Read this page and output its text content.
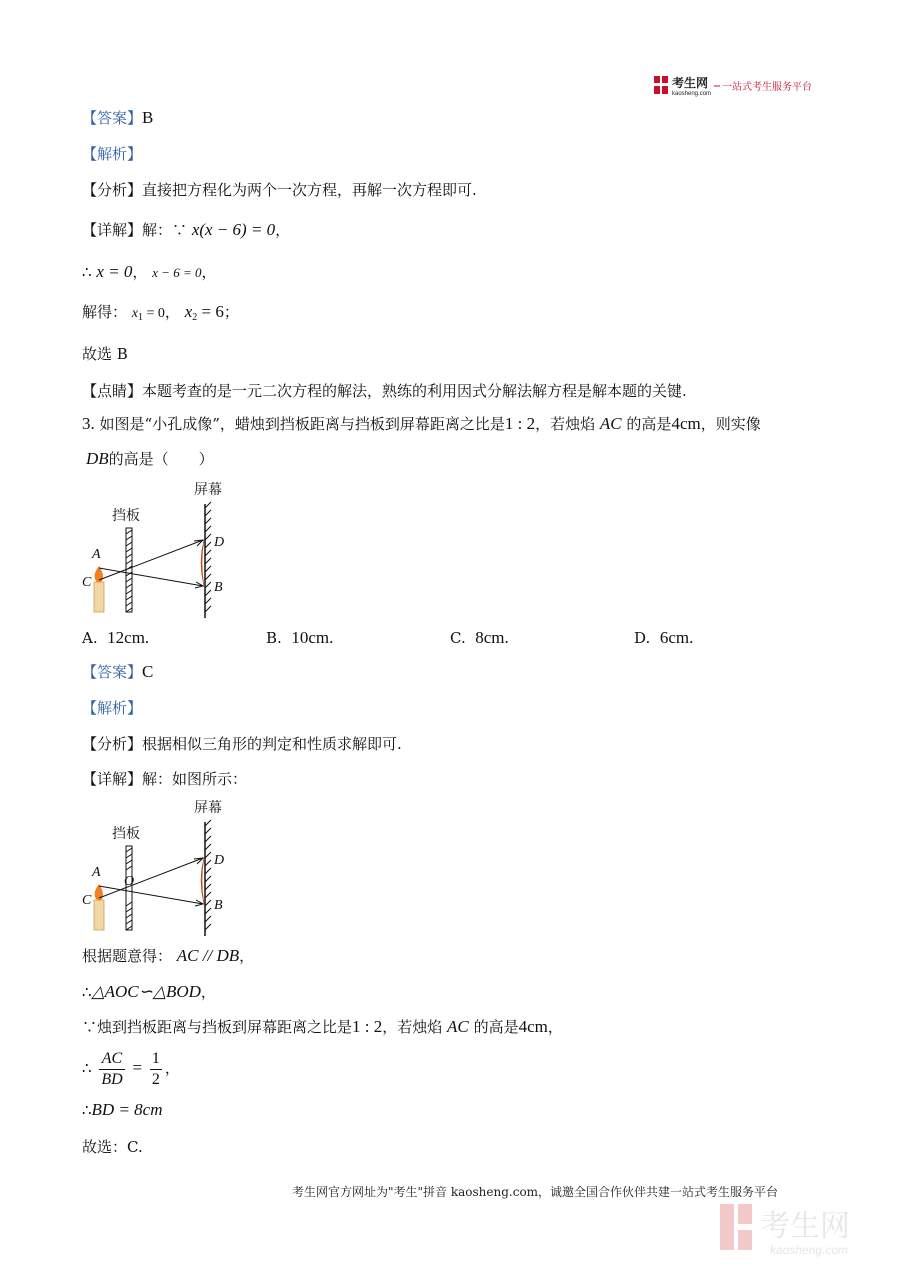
考生网
kaosheng.com
一站式考生服务平台
【答案】B
【解析】
【分析】直接把方程化为两个一次方程，再解一次方程即可.
【详解】解：∵ x(x − 6) = 0，
∴ x = 0， x − 6 = 0，
解得： $x_1 = 0$， $x_2 = 6$；
故选 B
【点睛】本题考查的是一元二次方程的解法，熟练的利用因式分解法解方程是解本题的关键.
3. 如图是“小孔成像”，蜡烛到挡板距离与挡板到屏幕距离之比是1 : 2，若烛焰 AC 的高是4cm，则实像
DB的高是（　　）
屏幕
挡板
A
C
D
B
A. 12cm.	B. 10cm.	C. 8cm.	D. 6cm.
【答案】C
【解析】
【分析】根据相似三角形的判定和性质求解即可.
【详解】解：如图所示：
屏幕
挡板
A
C
O
D
B
根据题意得： AC // DB，
∴△AOC∽△BOD，
∵烛到挡板距离与挡板到屏幕距离之比是1 : 2，若烛焰 AC 的高是4cm，
∴ $\frac{AC}{BD} = \frac{1}{2}$ ，
∴BD = 8cm
故选：C.
考生网官方网址为"考生"拼音 kaosheng.com，诚邀全国合作伙伴共建一站式考生服务平台
考生网
kaosheng.com
